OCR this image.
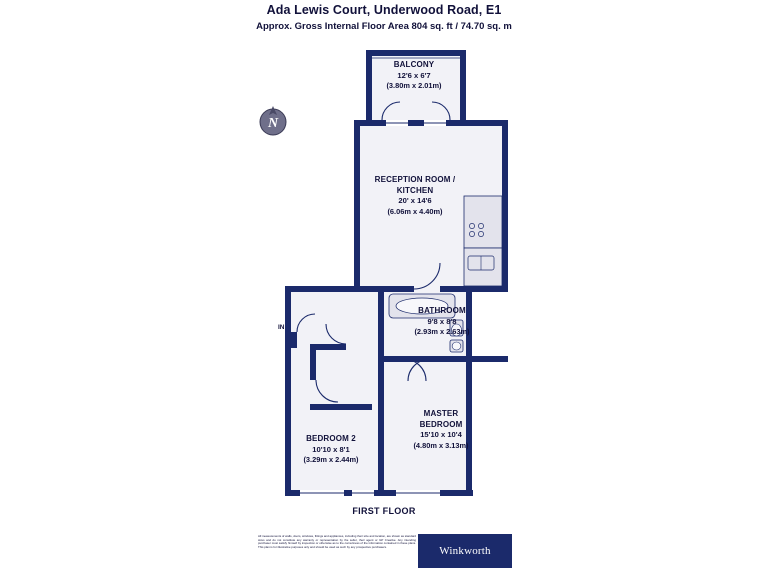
Ada Lewis Court, Underwood Road, E1
Approx. Gross Internal Floor Area 804 sq. ft / 74.70 sq. m
BALCONY
12'6 x 6'7
(3.80m x 2.01m)
RECEPTION ROOM /
KITCHEN
20' x 14'6
(6.06m x 4.40m)
BATHROOM
9'8 x 8'8
(2.93m x 2.63m)
MASTER
BEDROOM
15'10 x 10'4
(4.80m x 3.13m)
BEDROOM 2
10'10 x 8'1
(3.29m x 2.44m)
IN
FIRST FLOOR
N
All measurements of walls, doors, windows, fittings and appliances, including their size and location, are shown as standard sizes and do not constitute any warranty or representation by the seller, their agent or GP Creative. Any intending purchaser must satisfy himself by inspection or otherwise as to the correctness of the information contained in these plans. This plan is for illustrative purposes only and should be used as such by any prospective purchasers.	Winkworth
